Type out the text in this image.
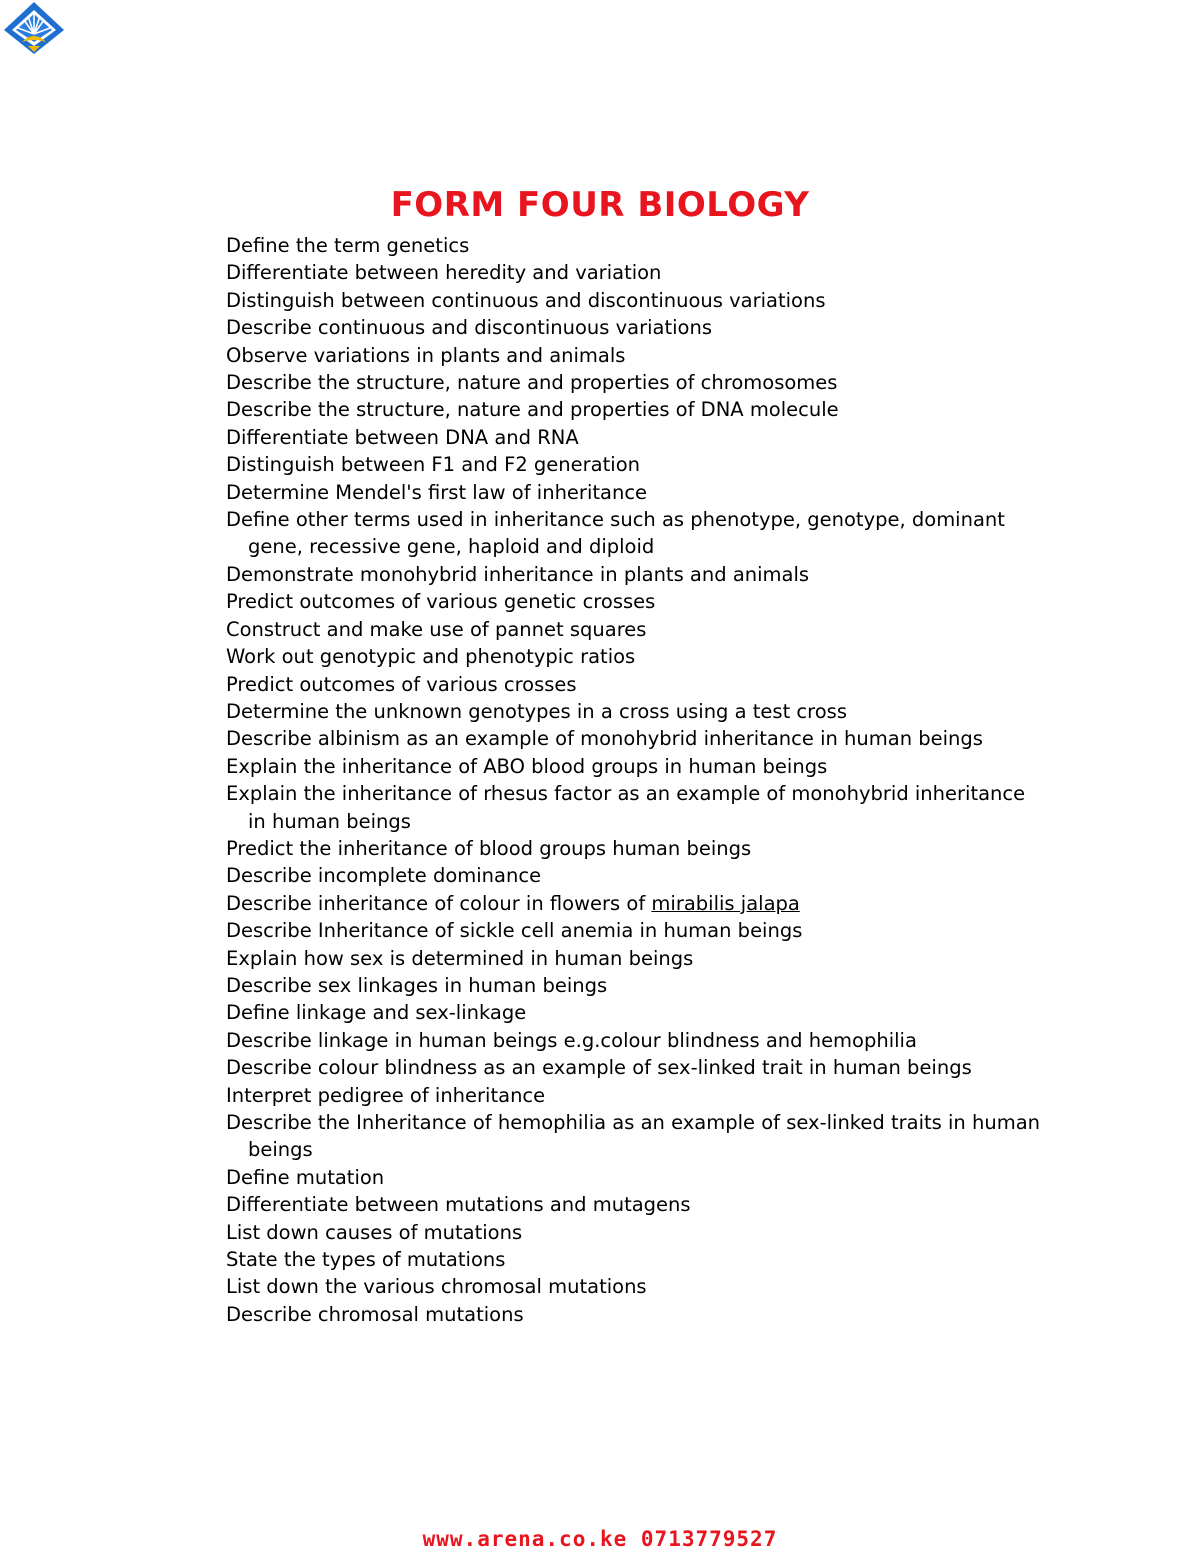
FORM FOUR BIOLOGY
Define the term genetics
Differentiate between heredity and variation
Distinguish between continuous and discontinuous variations
Describe continuous and discontinuous variations
Observe variations in plants and animals
Describe the structure, nature and properties of chromosomes
Describe the structure, nature and properties of DNA molecule
Differentiate between DNA and RNA
Distinguish between F1 and F2 generation
Determine Mendel's first law of inheritance
Define other terms used in inheritance such as phenotype, genotype, dominant gene, recessive gene, haploid and diploid
Demonstrate monohybrid inheritance in plants and animals
Predict outcomes of various genetic crosses
Construct and make use of pannet squares
Work out genotypic and phenotypic ratios
Predict outcomes of various crosses
Determine the unknown genotypes in a cross using a test cross
Describe albinism as an example of monohybrid inheritance in human beings
Explain the inheritance of ABO blood groups in human beings
Explain the inheritance of rhesus factor as an example of monohybrid inheritance in human beings
Predict the inheritance of blood groups human beings
Describe incomplete dominance
Describe inheritance of colour in flowers of mirabilis jalapa
Describe Inheritance of sickle cell anemia in human beings
Explain how sex is determined in human beings
Describe sex linkages in human beings
Define linkage and sex-linkage
Describe linkage in human beings e.g.colour blindness and hemophilia
Describe colour blindness as an example of sex-linked trait in human beings
Interpret pedigree of inheritance
Describe the Inheritance of hemophilia as an example of sex-linked traits in human beings
Define mutation
Differentiate between mutations and mutagens
List down causes of mutations
State the types of mutations
List down the various chromosal mutations
Describe chromosal mutations
www.arena.co.ke 0713779527
